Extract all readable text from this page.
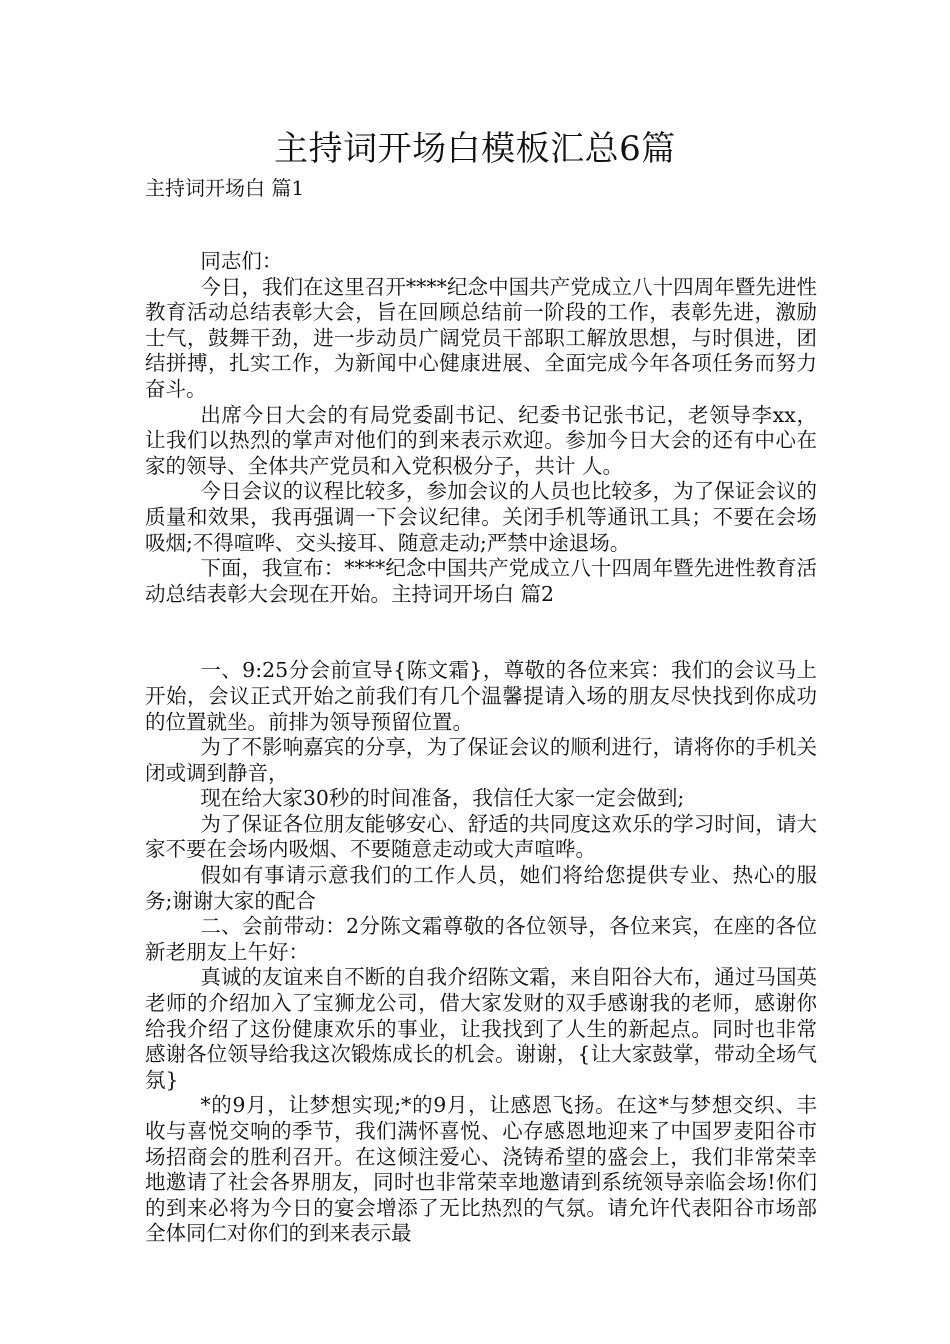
主持词开场白模板汇总6篇
主持词开场白 篇1

同志们：

今日，我们在这里召开****纪念中国共产党成立八十四周年暨先进性教育活动总结表彰大会，旨在回顾总结前一阶段的工作，表彰先进，激励士气，鼓舞干劲，进一步动员广阔党员干部职工解放思想，与时俱进，团结拼搏，扎实工作，为新闻中心健康进展、全面完成今年各项任务而努力奋斗。

出席今日大会的有局党委副书记、纪委书记张书记，老领导李xx，让我们以热烈的掌声对他们的到来表示欢迎。参加今日大会的还有中心在家的领导、全体共产党员和入党积极分子，共计 人。

今日会议的议程比较多，参加会议的人员也比较多，为了保证会议的质量和效果，我再强调一下会议纪律。关闭手机等通讯工具；不要在会场吸烟;不得喧哗、交头接耳、随意走动;严禁中途退场。

下面，我宣布：****纪念中国共产党成立八十四周年暨先进性教育活动总结表彰大会现在开始。主持词开场白 篇2

一、9:25分会前宣导{陈文霜}，尊敬的各位来宾：我们的会议马上开始，会议正式开始之前我们有几个温馨提请入场的朋友尽快找到你成功的位置就坐。前排为领导预留位置。

为了不影响嘉宾的分享，为了保证会议的顺利进行，请将你的手机关闭或调到静音，

现在给大家30秒的时间准备，我信任大家一定会做到;

为了保证各位朋友能够安心、舒适的共同度这欢乐的学习时间，请大家不要在会场内吸烟、不要随意走动或大声喧哗。

假如有事请示意我们的工作人员，她们将给您提供专业、热心的服务;谢谢大家的配合

二、会前带动：2分陈文霜尊敬的各位领导，各位来宾，在座的各位新老朋友上午好：

真诚的友谊来自不断的自我介绍陈文霜，来自阳谷大布，通过马国英老师的介绍加入了宝狮龙公司，借大家发财的双手感谢我的老师，感谢你给我介绍了这份健康欢乐的事业，让我找到了人生的新起点。同时也非常感谢各位领导给我这次锻炼成长的机会。谢谢，{让大家鼓掌，带动全场气氛}

*的9月，让梦想实现;*的9月，让感恩飞扬。在这*与梦想交织、丰收与喜悦交响的季节，我们满怀喜悦、心存感恩地迎来了中国罗麦阳谷市场招商会的胜利召开。在这倾注爱心、浇铸希望的盛会上，我们非常荣幸地邀请了社会各界朋友，同时也非常荣幸地邀请到系统领导亲临会场!你们的到来必将为今日的宴会增添了无比热烈的气氛。请允许代表阳谷市场部全体同仁对你们的到来表示最
